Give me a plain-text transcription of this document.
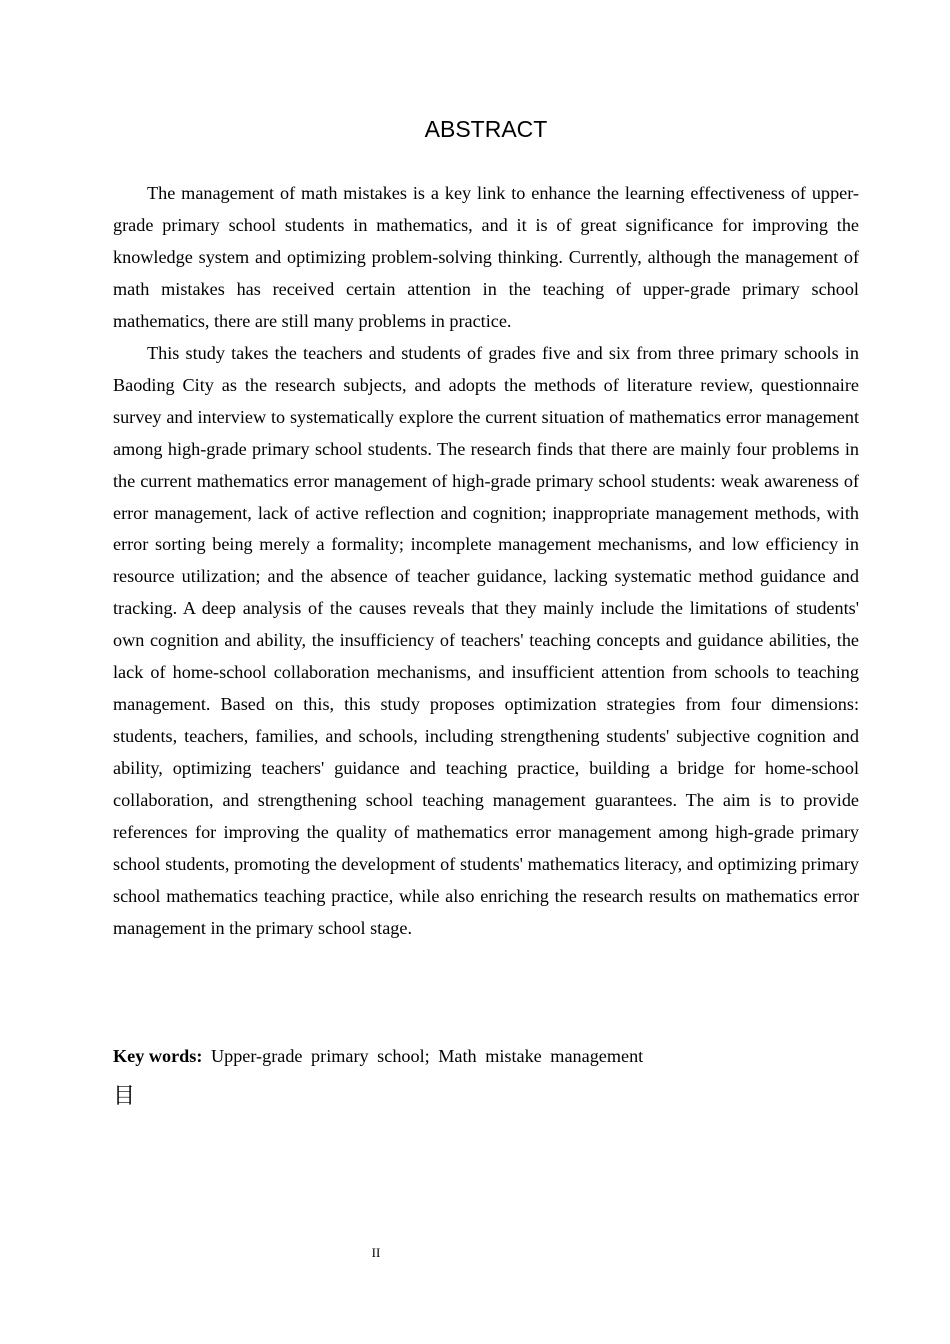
ABSTRACT

The management of math mistakes is a key link to enhance the learning effectiveness of upper-grade primary school students in mathematics, and it is of great significance for improving the knowledge system and optimizing problem-solving thinking. Currently, although the management of math mistakes has received certain attention in the teaching of upper-grade primary school mathematics, there are still many problems in practice.

This study takes the teachers and students of grades five and six from three primary schools in Baoding City as the research subjects, and adopts the methods of literature review, questionnaire survey and interview to systematically explore the current situation of mathematics error management among high-grade primary school students. The research finds that there are mainly four problems in the current mathematics error management of high-grade primary school students: weak awareness of error management, lack of active reflection and cognition; inappropriate management methods, with error sorting being merely a formality; incomplete management mechanisms, and low efficiency in resource utilization; and the absence of teacher guidance, lacking systematic method guidance and tracking. A deep analysis of the causes reveals that they mainly include the limitations of students' own cognition and ability, the insufficiency of teachers' teaching concepts and guidance abilities, the lack of home-school collaboration mechanisms, and insufficient attention from schools to teaching management. Based on this, this study proposes optimization strategies from four dimensions: students, teachers, families, and schools, including strengthening students' subjective cognition and ability, optimizing teachers' guidance and teaching practice, building a bridge for home-school collaboration, and strengthening school teaching management guarantees. The aim is to provide references for improving the quality of mathematics error management among high-grade primary school students, promoting the development of students' mathematics literacy, and optimizing primary school mathematics teaching practice, while also enriching the research results on mathematics error management in the primary school stage.

Key words: Upper-grade primary school; Math mistake management

目
II
